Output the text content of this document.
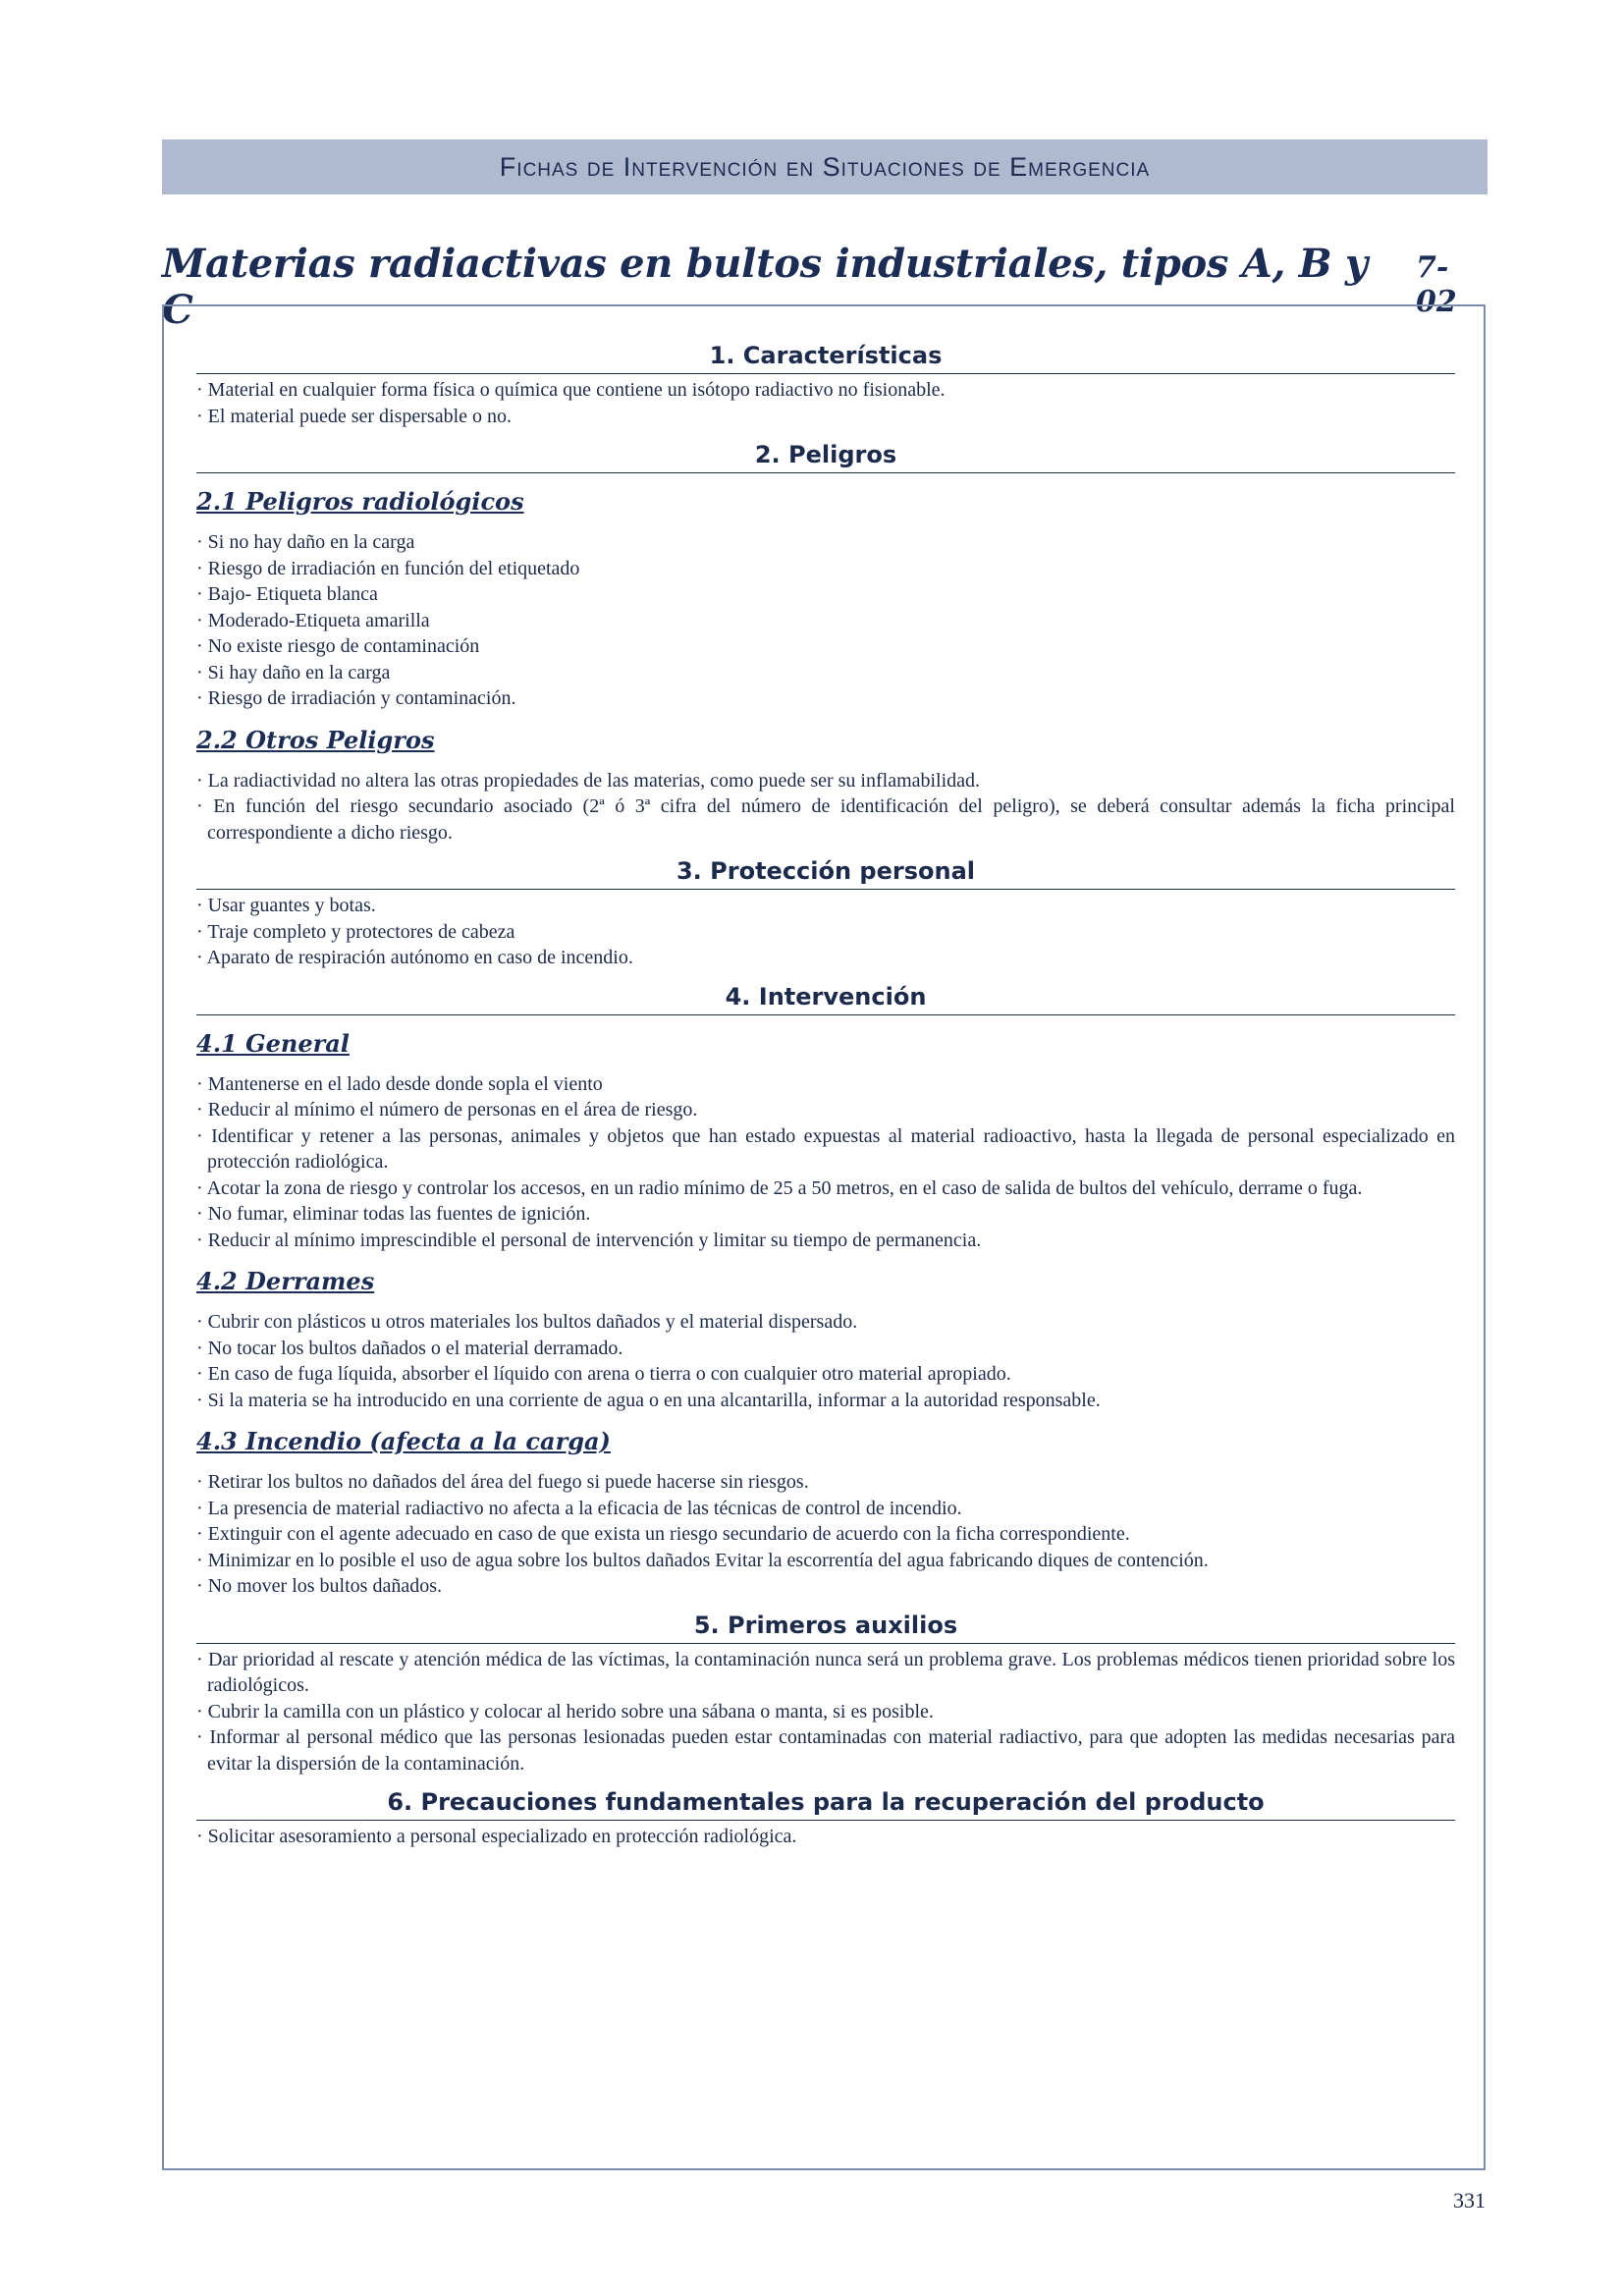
Fichas de Intervención en Situaciones de Emergencia
Materias radiactivas en bultos industriales, tipos A, B y C
7-02
1. Características
· Material en cualquier forma física o química que contiene un isótopo radiactivo no fisionable.
· El material puede ser dispersable o no.
2. Peligros
2.1 Peligros radiológicos
· Si no hay daño en la carga
· Riesgo de irradiación en función del etiquetado
· Bajo- Etiqueta blanca
· Moderado-Etiqueta amarilla
· No existe riesgo de contaminación
· Si hay daño en la carga
· Riesgo de irradiación y contaminación.
2.2 Otros Peligros
· La radiactividad no altera las otras propiedades de las materias, como puede ser su inflamabilidad.
· En función del riesgo secundario asociado (2ª ó 3ª cifra del número de identificación del peligro), se deberá consultar además la ficha principal correspondiente a dicho riesgo.
3. Protección personal
· Usar guantes y botas.
· Traje completo y protectores de cabeza
· Aparato de respiración autónomo en caso de incendio.
4. Intervención
4.1 General
· Mantenerse en el lado desde donde sopla el viento
· Reducir al mínimo el número de personas en el área de riesgo.
· Identificar y retener a las personas, animales y objetos que han estado expuestas al material radioactivo, hasta la llegada de personal especializado en protección radiológica.
· Acotar la zona de riesgo y controlar los accesos, en un radio mínimo de 25 a 50 metros, en el caso de salida de bultos del vehículo, derrame o fuga.
· No fumar, eliminar todas las fuentes de ignición.
· Reducir al mínimo imprescindible el personal de intervención y limitar su tiempo de permanencia.
4.2 Derrames
· Cubrir con plásticos u otros materiales los bultos dañados y el material dispersado.
· No tocar los bultos dañados o el material derramado.
· En caso de fuga líquida, absorber el líquido con arena o tierra o con cualquier otro material apropiado.
· Si la materia se ha introducido en una corriente de agua o en una alcantarilla, informar a la autoridad responsable.
4.3 Incendio (afecta a la carga)
· Retirar los bultos no dañados del área del fuego si puede hacerse sin riesgos.
· La presencia de material radiactivo no afecta a la eficacia de las técnicas de control de incendio.
· Extinguir con el agente adecuado en caso de que exista un riesgo secundario de acuerdo con la ficha correspondiente.
· Minimizar en lo posible el uso de agua sobre los bultos dañados Evitar la escorrentía del agua fabricando diques de contención.
· No mover los bultos dañados.
5. Primeros auxilios
· Dar prioridad al rescate y atención médica de las víctimas, la contaminación nunca será un problema grave. Los problemas médicos tienen prioridad sobre los radiológicos.
· Cubrir la camilla con un plástico y colocar al herido sobre una sábana o manta, si es posible.
· Informar al personal médico que las personas lesionadas pueden estar contaminadas con material radiactivo, para que adopten las medidas necesarias para evitar la dispersión de la contaminación.
6. Precauciones fundamentales para la recuperación del producto
· Solicitar asesoramiento a personal especializado en protección radiológica.
331
